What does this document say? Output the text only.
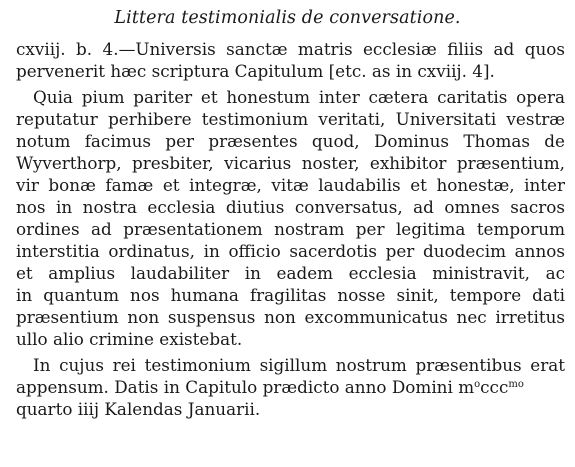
Littera testimonialis de conversatione.
cxviij. b. 4.—Universis sanctæ matris ecclesiæ filiis ad quos
pervenerit hæc scriptura Capitulum [etc. as in cxviij. 4].
Quia pium pariter et honestum inter cætera caritatis opera
reputatur perhibere testimonium veritati, Universitati vestræ
notum facimus per præsentes quod, Dominus Thomas de
Wyverthorp, presbiter, vicarius noster, exhibitor præsentium,
vir bonæ famæ et integræ, vitæ laudabilis et honestæ, inter
nos in nostra ecclesia diutius conversatus, ad omnes sacros
ordines ad præsentationem nostram per legitima temporum
interstitia ordinatus, in officio sacerdotis per duodecim annos
et amplius laudabiliter in eadem ecclesia ministravit, ac
in quantum nos humana fragilitas nosse sinit, tempore dati
præsentium non suspensus non excommunicatus nec irretitus
ullo alio crimine existebat.
In cujus rei testimonium sigillum nostrum præsentibus erat
appensum. Datis in Capitulo prædicto anno Domini $m^occc^{mo}$
quarto iiij Kalendas Januarii.
